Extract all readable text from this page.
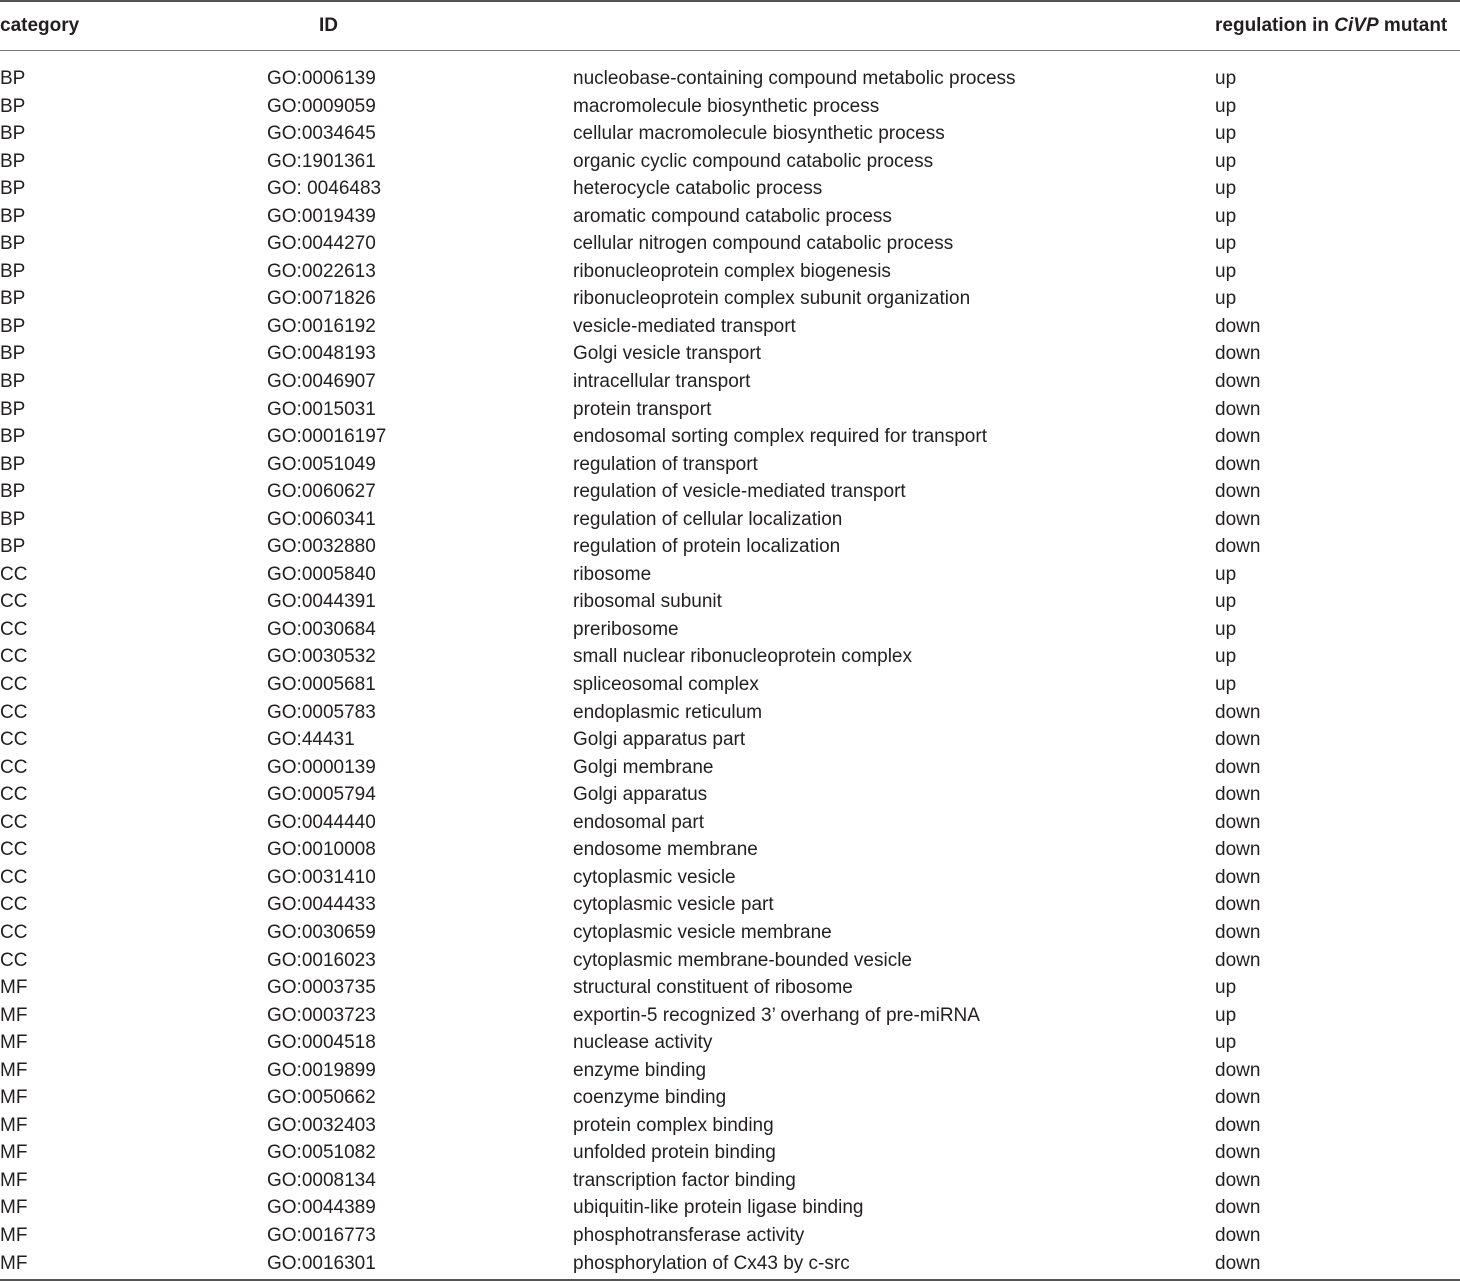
category	ID		regulation in CiVP mutant
BP	GO:0006139	nucleobase-containing compound metabolic process	up
BP	GO:0009059	macromolecule biosynthetic process	up
BP	GO:0034645	cellular macromolecule biosynthetic process	up
BP	GO:1901361	organic cyclic compound catabolic process	up
BP	GO: 0046483	heterocycle catabolic process	up
BP	GO:0019439	aromatic compound catabolic process	up
BP	GO:0044270	cellular nitrogen compound catabolic process	up
BP	GO:0022613	ribonucleoprotein complex biogenesis	up
BP	GO:0071826	ribonucleoprotein complex subunit organization	up
BP	GO:0016192	vesicle-mediated transport	down
BP	GO:0048193	Golgi vesicle transport	down
BP	GO:0046907	intracellular transport	down
BP	GO:0015031	protein transport	down
BP	GO:00016197	endosomal sorting complex required for transport	down
BP	GO:0051049	regulation of transport	down
BP	GO:0060627	regulation of vesicle-mediated transport	down
BP	GO:0060341	regulation of cellular localization	down
BP	GO:0032880	regulation of protein localization	down
CC	GO:0005840	ribosome	up
CC	GO:0044391	ribosomal subunit	up
CC	GO:0030684	preribosome	up
CC	GO:0030532	small nuclear ribonucleoprotein complex	up
CC	GO:0005681	spliceosomal complex	up
CC	GO:0005783	endoplasmic reticulum	down
CC	GO:44431	Golgi apparatus part	down
CC	GO:0000139	Golgi membrane	down
CC	GO:0005794	Golgi apparatus	down
CC	GO:0044440	endosomal part	down
CC	GO:0010008	endosome membrane	down
CC	GO:0031410	cytoplasmic vesicle	down
CC	GO:0044433	cytoplasmic vesicle part	down
CC	GO:0030659	cytoplasmic vesicle membrane	down
CC	GO:0016023	cytoplasmic membrane-bounded vesicle	down
MF	GO:0003735	structural constituent of ribosome	up
MF	GO:0003723	exportin-5 recognized 3’ overhang of pre-miRNA	up
MF	GO:0004518	nuclease activity	up
MF	GO:0019899	enzyme binding	down
MF	GO:0050662	coenzyme binding	down
MF	GO:0032403	protein complex binding	down
MF	GO:0051082	unfolded protein binding	down
MF	GO:0008134	transcription factor binding	down
MF	GO:0044389	ubiquitin-like protein ligase binding	down
MF	GO:0016773	phosphotransferase activity	down
MF	GO:0016301	phosphorylation of Cx43 by c-src	down
